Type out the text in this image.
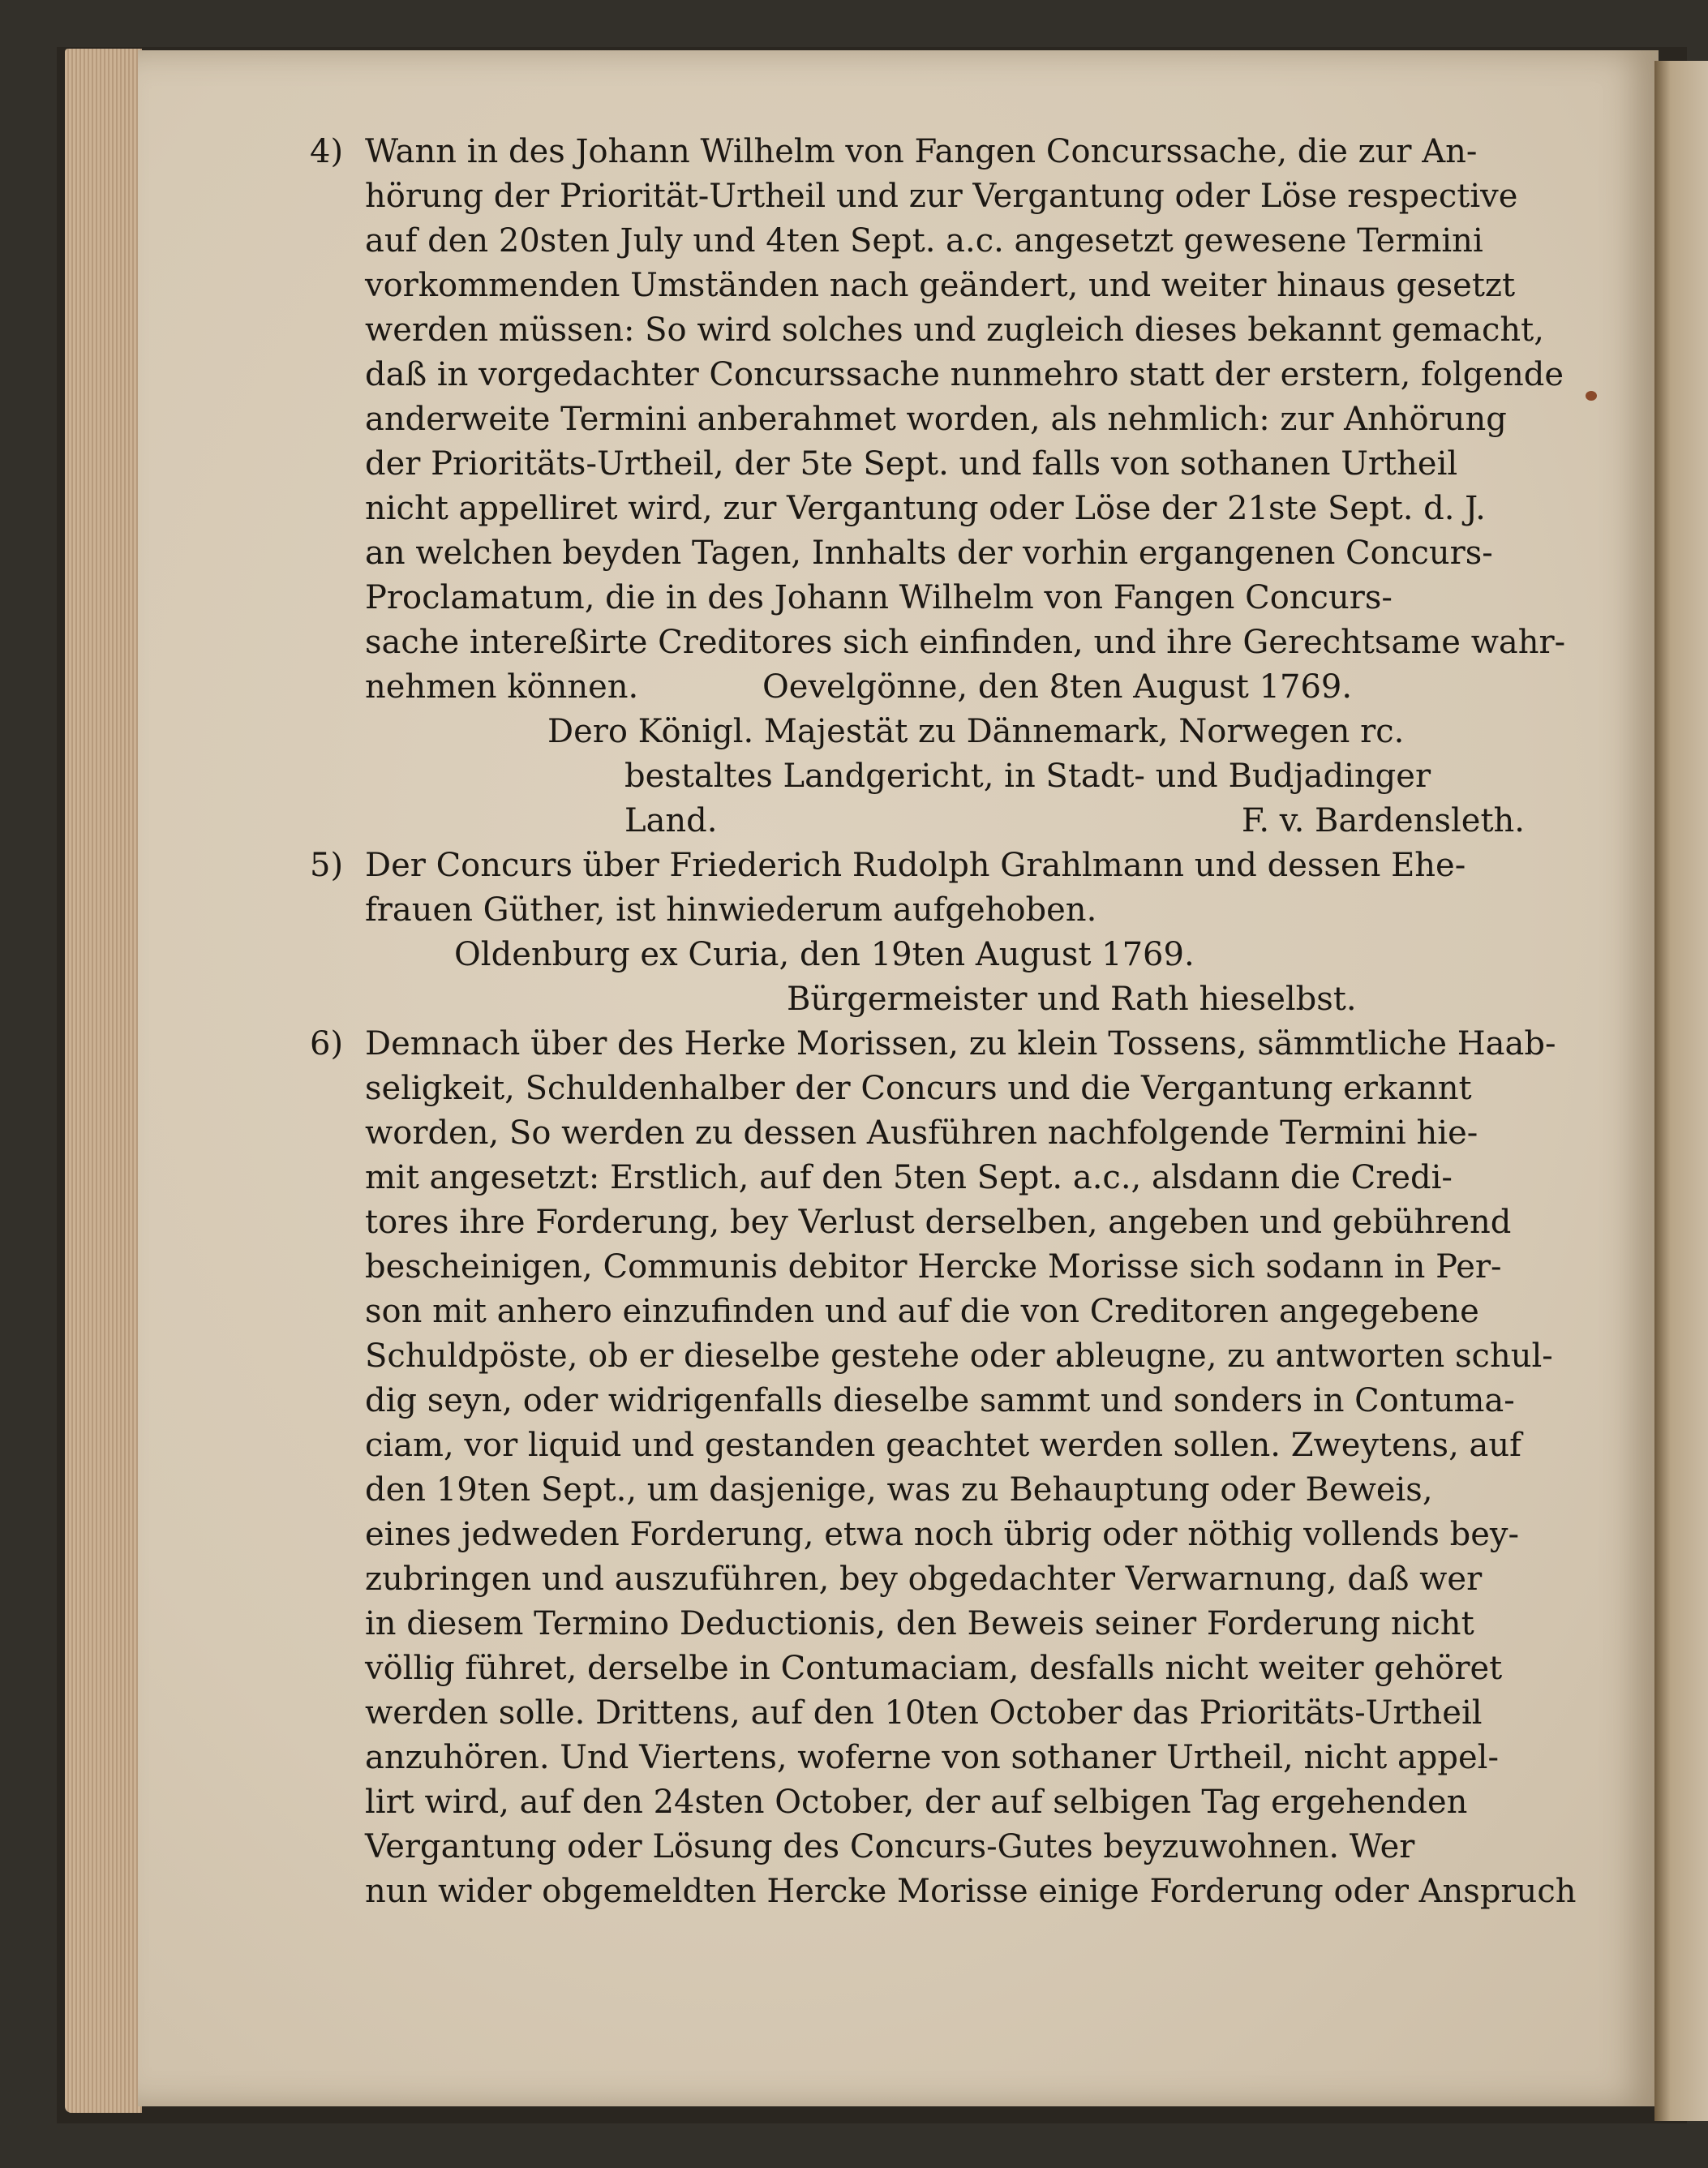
4) Wann in des Johann Wilhelm von Fangen Concurssache, die zur An-
hörung der Priorität-Urtheil und zur Vergantung oder Löse respective
auf den 20sten July und 4ten Sept. a.c. angesetzt gewesene Termini
vorkommenden Umständen nach geändert, und weiter hinaus gesetzt
werden müssen: So wird solches und zugleich dieses bekannt gemacht,
daß in vorgedachter Concurssache nunmehro statt der erstern, folgende
anderweite Termini anberahmet worden, als nehmlich: zur Anhörung
der Prioritäts-Urtheil, der 5te Sept. und falls von sothanen Urtheil
nicht appelliret wird, zur Vergantung oder Löse der 21ste Sept. d. J.
an welchen beyden Tagen, Innhalts der vorhin ergangenen Concurs-
Proclamatum, die in des Johann Wilhelm von Fangen Concurs-
sache intereßirte Creditores sich einfinden, und ihre Gerechtsame wahr-
nehmen können.	Oevelgönne, den 8ten August 1769.
Dero Königl. Majestät zu Dännemark, Norwegen rc.
bestaltes Landgericht, in Stadt- und Budjadinger
Land.	F. v. Bardensleth.
5) Der Concurs über Friederich Rudolph Grahlmann und dessen Ehe-
frauen Güther, ist hinwiederum aufgehoben.
Oldenburg ex Curia, den 19ten August 1769.
Bürgermeister und Rath hieselbst.
6) Demnach über des Herke Morissen, zu klein Tossens, sämmtliche Haab-
seligkeit, Schuldenhalber der Concurs und die Vergantung erkannt
worden, So werden zu dessen Ausführen nachfolgende Termini hie-
mit angesetzt: Erstlich, auf den 5ten Sept. a.c., alsdann die Credi-
tores ihre Forderung, bey Verlust derselben, angeben und gebührend
bescheinigen, Communis debitor Hercke Morisse sich sodann in Per-
son mit anhero einzufinden und auf die von Creditoren angegebene
Schuldpöste, ob er dieselbe gestehe oder ableugne, zu antworten schul-
dig seyn, oder widrigenfalls dieselbe sammt und sonders in Contuma-
ciam, vor liquid und gestanden geachtet werden sollen. Zweytens, auf
den 19ten Sept., um dasjenige, was zu Behauptung oder Beweis,
eines jedweden Forderung, etwa noch übrig oder nöthig vollends bey-
zubringen und auszuführen, bey obgedachter Verwarnung, daß wer
in diesem Termino Deductionis, den Beweis seiner Forderung nicht
völlig führet, derselbe in Contumaciam, desfalls nicht weiter gehöret
werden solle. Drittens, auf den 10ten October das Prioritäts-Urtheil
anzuhören. Und Viertens, woferne von sothaner Urtheil, nicht appel-
lirt wird, auf den 24sten October, der auf selbigen Tag ergehenden
Vergantung oder Lösung des Concurs-Gutes beyzuwohnen. Wer
nun wider obgemeldten Hercke Morisse einige Forderung oder Anspruch
